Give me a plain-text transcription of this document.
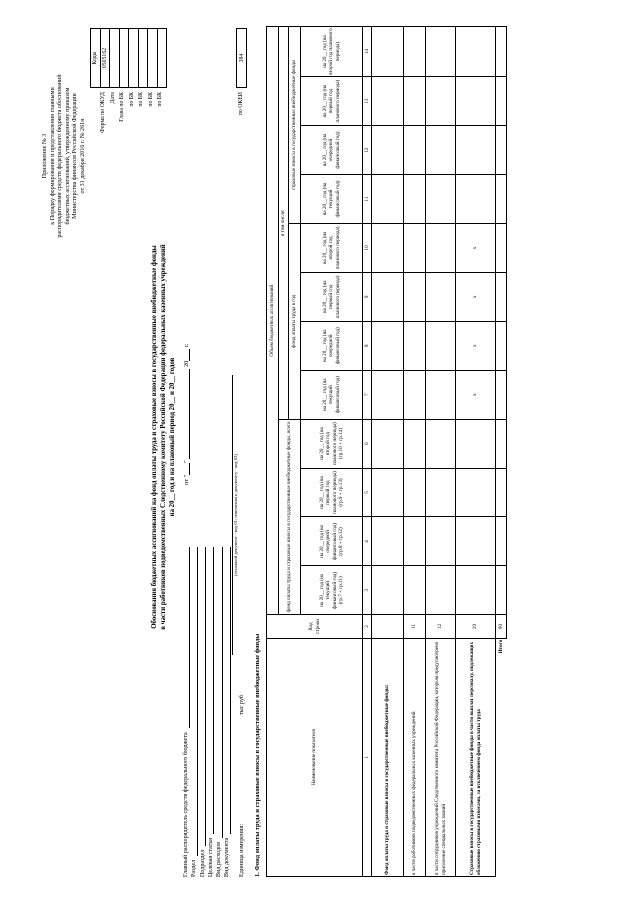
Приложение № 3 к Порядку формирования и представления главными распорядителями средств федерального бюджета обоснований бюджетных ассигнований, утвержденному приказом Министерства финансов Российской Федерации от 31 декабря 2016 г. № 261н
Обоснования бюджетных ассигнований на фонд оплаты труда и страховые взносы в государственные внебюджетные фонды в части работников подведомственных Следственному комитету Российской Федерации федеральных казенных учреждений на 20__ год и на плановый период 20__ и 20__ годов от ""  20 г.
Форма по ОКУД Дата Глава по БК по БК по БК по БК по БК
Коды
0505162

Главный распорядитель средств федерального бюджета Раздел Подраздел Целевая статья Вид расходов Вид документа
(основной документ - код 01; изменения к документу - код 02)
Единица измерения:
тыс руб
по ОКЕИ
384
1. Фонд оплаты труда и страховые взносы в государственные внебюджетные фонды	Наименование показателя	Код строки	Объем бюджетных ассигнований											
		фонд оплаты труда и страховые взносы в государственные внебюджетные фонды, всего				в том числе:							
						фонд оплаты труда в год				страховые взносы в государственные внебюджетные фонды			
		на 20__ год (на текущий финансовый год) (гр.7 + гр.11)	на 20__ год (на очередной финансовый год) (гр.8 + гр.12)	на 20__ год (на первый год планового периода) (гр.9 + гр.13)	на 20__ год (на второй год планового периода) (гр.10 + гр.14)	на 20__ год (на текущий финансовый год)	на 20__ год (на очередной финансовый год)	на 20__ год (на первый год планового периода)	на 20__ год (на второй год планового периода)	на 20__ год (на текущий финансовый год)	на 20__ год (на очередной финансовый год)	на 20__ год (на первый год планового периода)	на 20__ год (на второй год планового периода)
1	2	3	4	5	6	7	8	9	10	11	12	13	14
Фонд оплаты труда и страховые взносы в государственные внебюджетные фонды:													
в части работников подведомственных федеральных казенных учреждений	11												
в части сотрудников учреждений Следственного комитета Российской Федерации, которым предусмотрено присвоение специальных званий	12												
Страховые взносы в государственные внебюджетные фонды в части выплат персоналу, подлежащих обложению страховыми взносами, за исключением фонда оплаты труда	20					x	x	x	x				
Итого	90												
